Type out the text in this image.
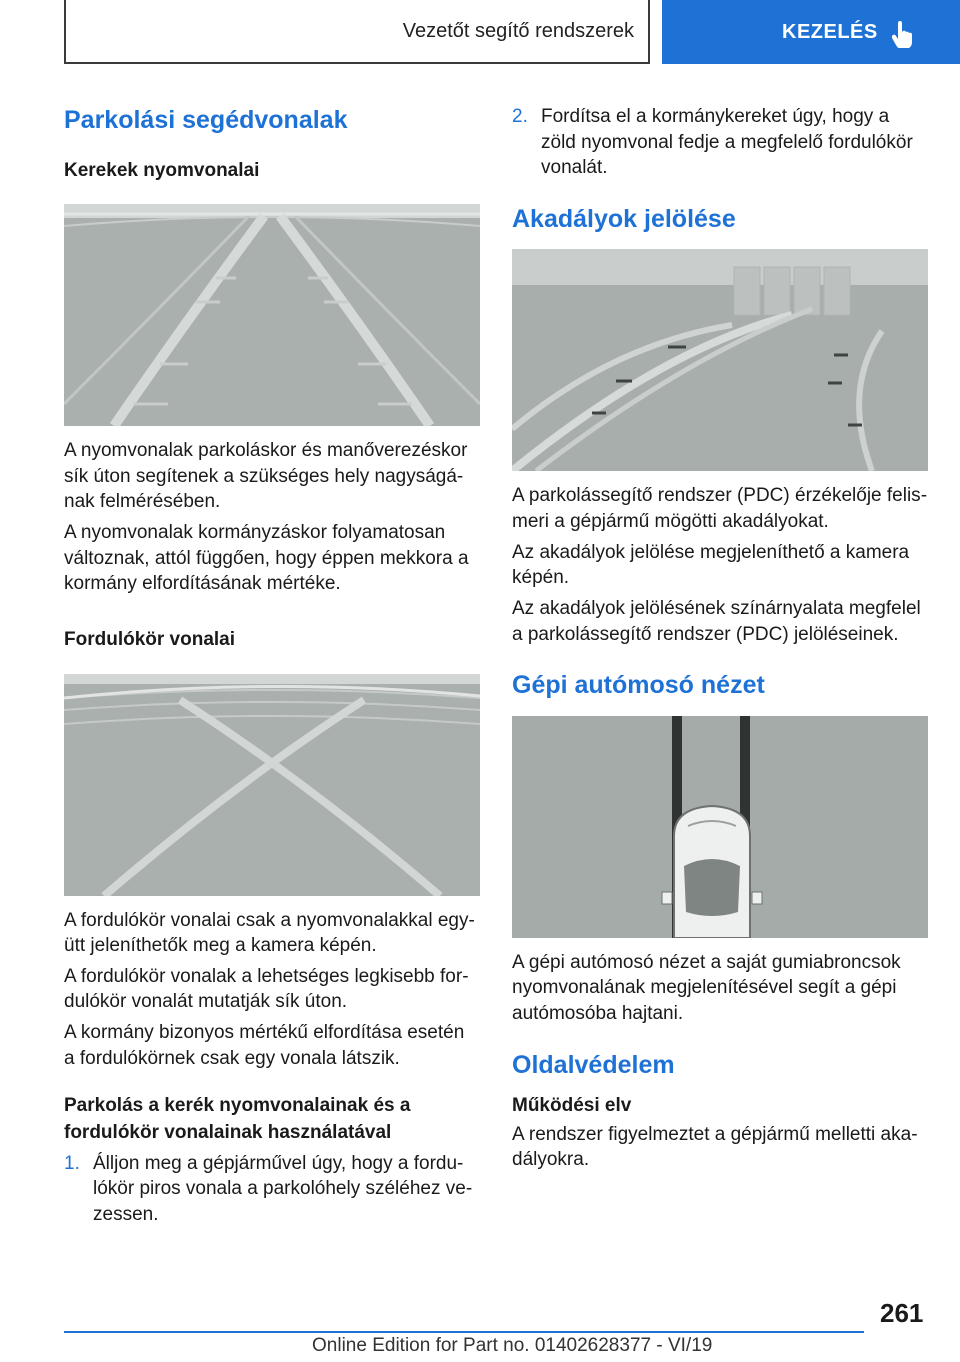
Vezetőt segítő rendszerek	KEZELÉS
Parkolási segédvonalak
Kerekek nyomvonalai

A nyomvonalak parkoláskor és manőverezéskor sík úton segítenek a szükséges hely nagyságának felmérésében.

A nyomvonalak kormányzáskor folyamatosan változnak, attól függően, hogy éppen mekkora a kormány elfordításának mértéke.

Fordulókör vonalai

A fordulókör vonalai csak a nyomvonalakkal együtt jeleníthetők meg a kamera képén.

A fordulókör vonalak a lehetséges legkisebb fordulókör vonalát mutatják sík úton.

A kormány bizonyos mértékű elfordítása esetén a fordulókörnek csak egy vonala látszik.

Parkolás a kerék nyomvonalainak és a fordulókör vonalainak használatával
1. Álljon meg a gépjárművel úgy, hogy a fordulókör piros vonala a parkolóhely széléhez vezessen.
2. Fordítsa el a kormánykereket úgy, hogy a zöld nyomvonal fedje a megfelelő fordulókör vonalát.
Akadályok jelölése

A parkolássegítő rendszer (PDC) érzékelője felismeri a gépjármű mögötti akadályokat.

Az akadályok jelölése megjeleníthető a kamera képén.

Az akadályok jelölésének színárnyalata megfelel a parkolássegítő rendszer (PDC) jelöléseinek.

Gépi autómosó nézet

A gépi autómosó nézet a saját gumiabroncsok nyomvonalának megjelenítésével segít a gépi autómosóba hajtani.

Oldalvédelem
Működési elv

A rendszer figyelmeztet a gépjármű melletti akadályokra.

261
Online Edition for Part no. 01402628377 - VI/19
